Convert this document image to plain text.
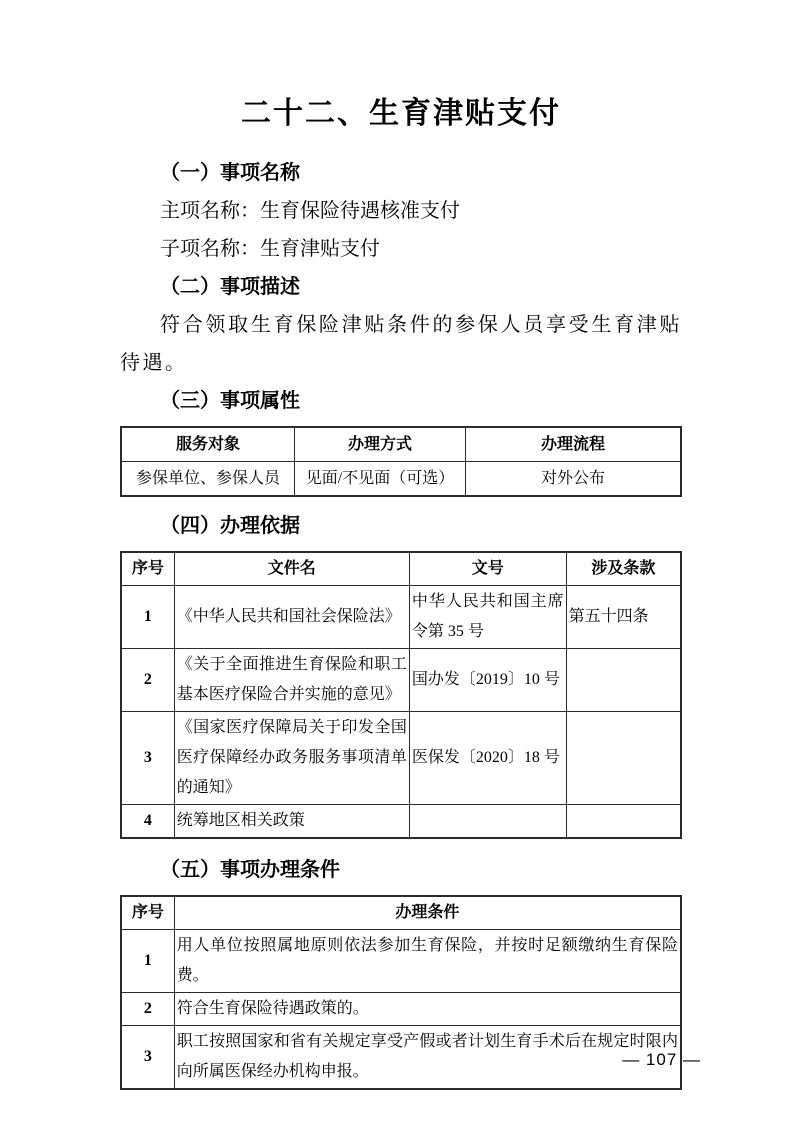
二十二、生育津贴支付
（一）事项名称
主项名称：生育保险待遇核准支付
子项名称：生育津贴支付
（二）事项描述

符合领取生育保险津贴条件的参保人员享受生育津贴待遇。

（三）事项属性
服务对象	办理方式	办理流程
参保单位、参保人员	见面/不见面（可选）	对外公布
（四）办理依据
序号	文件名	文号	涉及条款
1	《中华人民共和国社会保险法》	中华人民共和国主席令第 35 号	第五十四条
2	《关于全面推进生育保险和职工基本医疗保险合并实施的意见》	国办发〔2019〕10 号	
3	《国家医疗保障局关于印发全国医疗保障经办政务服务事项清单的通知》	医保发〔2020〕18 号	
4	统筹地区相关政策		
（五）事项办理条件
序号	办理条件
1	用人单位按照属地原则依法参加生育保险，并按时足额缴纳生育保险费。
2	符合生育保险待遇政策的。
3	职工按照国家和省有关规定享受产假或者计划生育手术后在规定时限内向所属医保经办机构申报。
— 107 —
